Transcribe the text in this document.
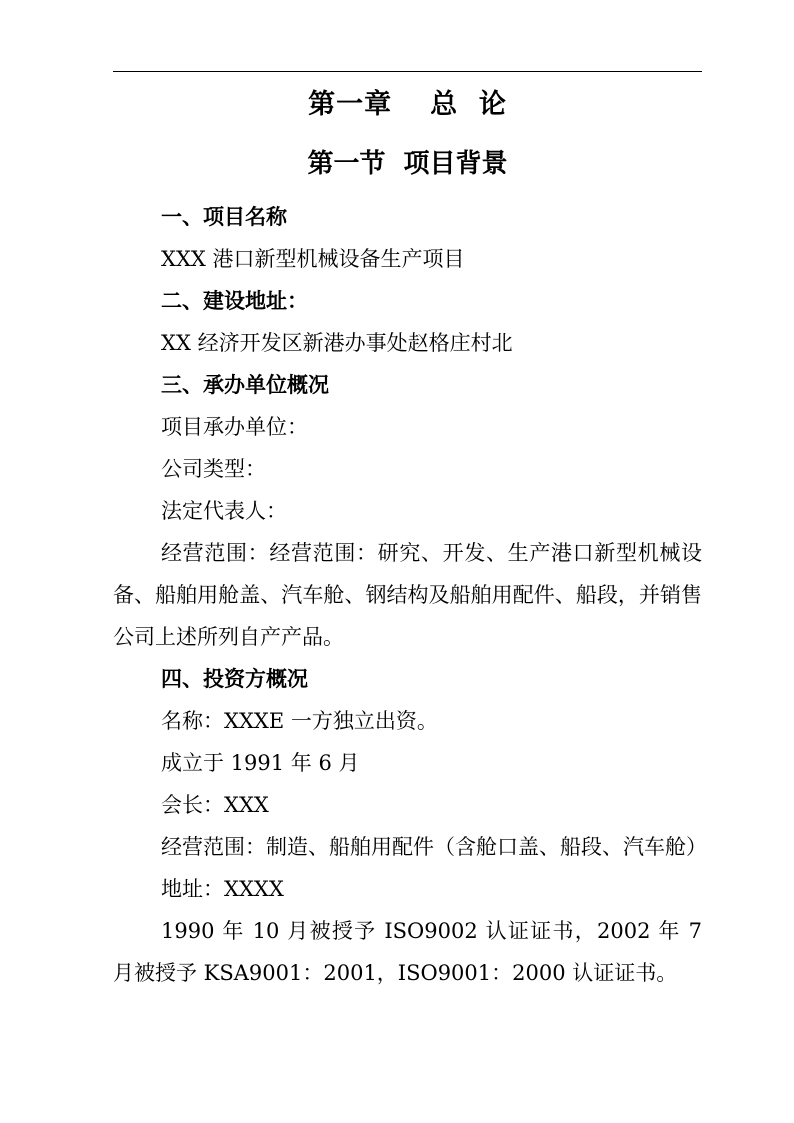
第一章 总  论
第一节  项目背景

一、项目名称

XXX 港口新型机械设备生产项目

二、建设地址：

XX 经济开发区新港办事处赵格庄村北

三、承办单位概况

项目承办单位：

公司类型：

法定代表人：

经营范围：经营范围：研究、开发、生产港口新型机械设备、船舶用舱盖、汽车舱、钢结构及船舶用配件、船段，并销售公司上述所列自产产品。

四、投资方概况

名称：XXXE 一方独立出资。

成立于 1991 年 6 月

会长：XXX

经营范围：制造、船舶用配件（含舱口盖、船段、汽车舱）

地址：XXXX

1990 年 10 月被授予 ISO9002 认证证书，2002 年 7 月被授予 KSA9001：2001，ISO9001：2000 认证证书。
